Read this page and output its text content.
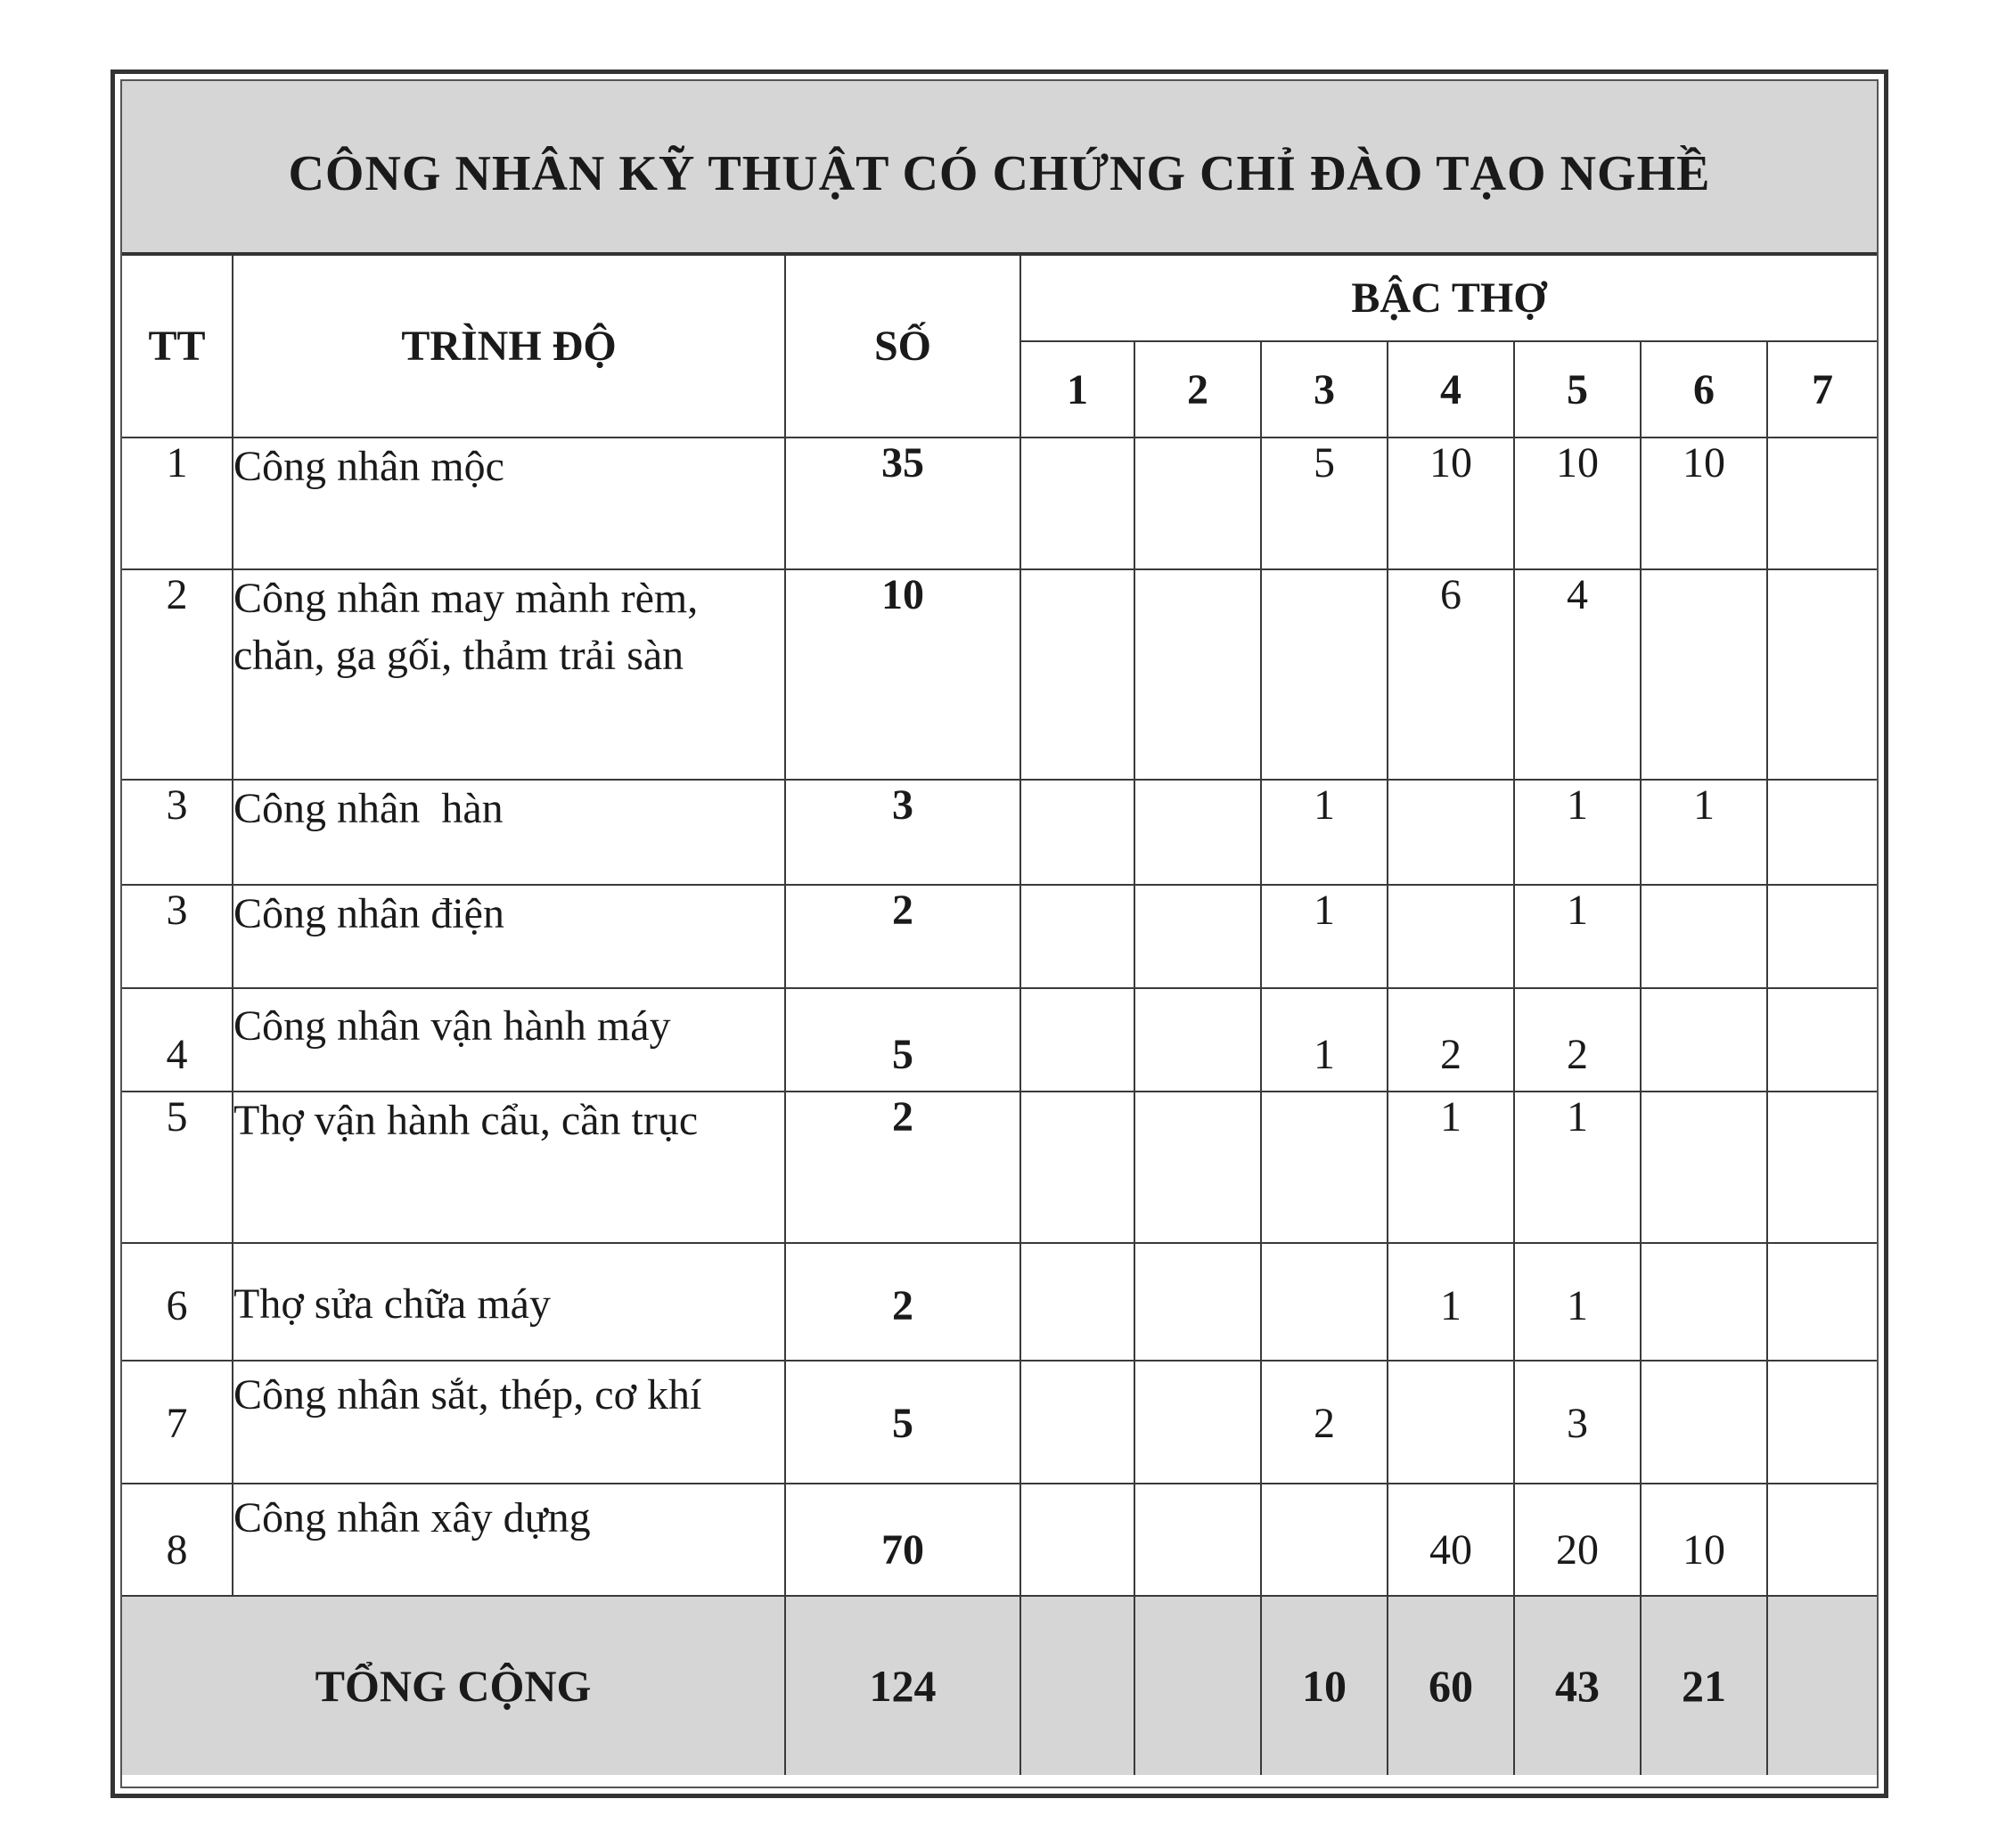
CÔNG NHÂN KỸ THUẬT CÓ CHỨNG CHỈ ĐÀO TẠO NGHỀ
TT	TRÌNH ĐỘ	SỐ	BẬC THỢ						
			1	2	3	4	5	6	7
1	Công nhân mộc	35			5	10	10	10	
2	Công nhân may mành rèm, chăn, ga gối, thảm trải sàn	10				6	4		
3	Công nhân  hàn	3			1		1	1	
3	Công nhân điện	2			1		1		
4	Công nhân vận hành máy	5			1	2	2		
5	Thợ vận hành cẩu, cần trục	2				1	1		
6	Thợ sửa chữa máy	2				1	1		
7	Công nhân sắt, thép, cơ khí	5			2		3		
8	Công nhân xây dựng	70				40	20	10	
TỔNG CỘNG		124			10	60	43	21	
